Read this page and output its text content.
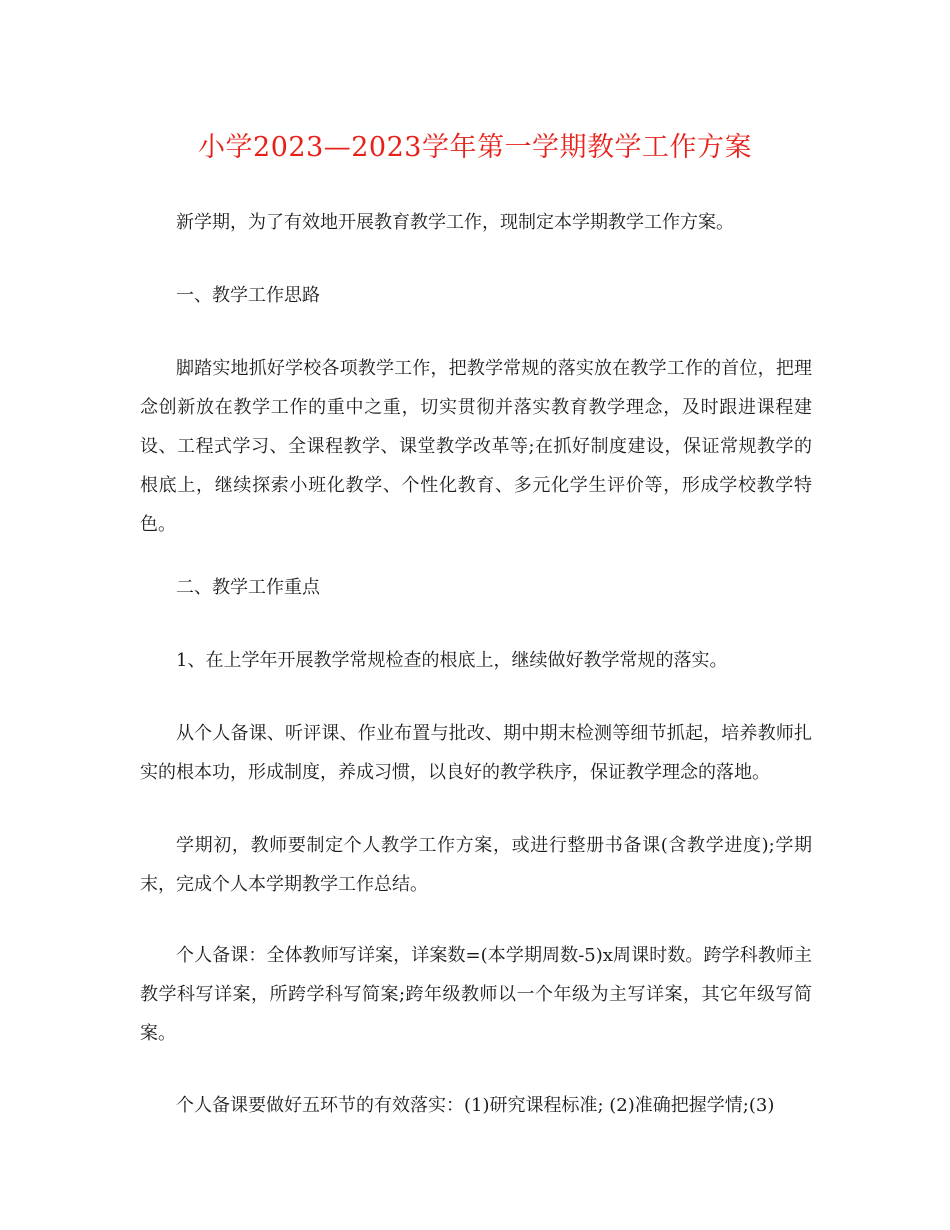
小学2023—2023学年第一学期教学工作方案

新学期，为了有效地开展教育教学工作，现制定本学期教学工作方案。

一、教学工作思路

脚踏实地抓好学校各项教学工作，把教学常规的落实放在教学工作的首位，把理念创新放在教学工作的重中之重，切实贯彻并落实教育教学理念，及时跟进课程建设、工程式学习、全课程教学、课堂教学改革等;在抓好制度建设，保证常规教学的根底上，继续探索小班化教学、个性化教育、多元化学生评价等，形成学校教学特色。

二、教学工作重点

1、在上学年开展教学常规检查的根底上，继续做好教学常规的落实。

从个人备课、听评课、作业布置与批改、期中期末检测等细节抓起，培养教师扎实的根本功，形成制度，养成习惯，以良好的教学秩序，保证教学理念的落地。

学期初，教师要制定个人教学工作方案，或进行整册书备课(含教学进度);学期末，完成个人本学期教学工作总结。

个人备课：全体教师写详案，详案数=(本学期周数-5)x周课时数。跨学科教师主教学科写详案，所跨学科写简案;跨年级教师以一个年级为主写详案，其它年级写简案。

个人备课要做好五环节的有效落实：(1)研究课程标准; (2)准确把握学情;(3)
